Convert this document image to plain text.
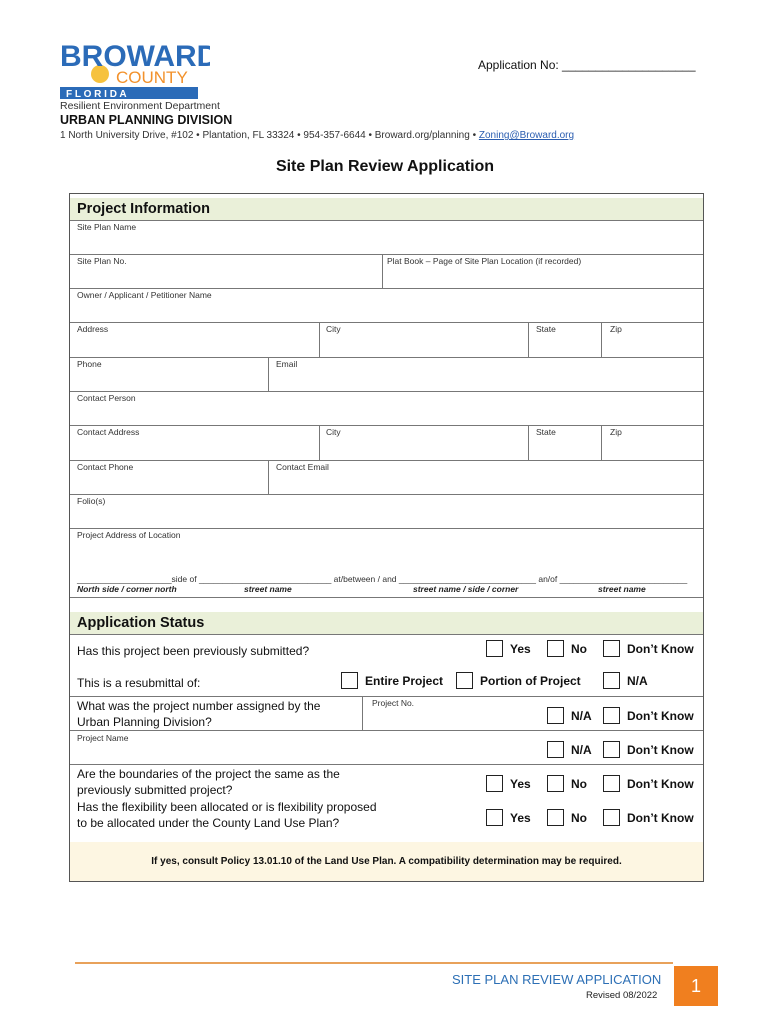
BROWARD
COUNTY
F L O R I D A
Application No: ____________________
Resilient Environment Department
URBAN PLANNING DIVISION
1 North University Drive, #102 • Plantation, FL 33324 • 954-357-6644 • Broward.org/planning • Zoning@Broward.org
Site Plan Review Application
Project Information
Site Plan Name
Site Plan No.	Plat Book – Page of Site Plan Location (if recorded)
Owner / Applicant / Petitioner Name
Address	City	State	Zip
Phone	Email
Contact Person
Contact Address	City	State	Zip
Contact Phone	Contact Email
Folio(s)
Project Address of Location
____________________side of ____________________________ at/between / and _____________________________ an/of ___________________________
North side / corner north	street name	street name / side / corner	street name
Application Status
Has this project been previously submitted?	Yes	No	Don’t Know
This is a resubmittal of:	Entire Project	Portion of Project	N/A
What was the project number assigned by the Urban Planning Division?
Project No.
N/A	Don’t Know
Project Name
N/A	Don’t Know
Are the boundaries of the project the same as the previously submitted project?	Yes	No	Don’t Know
Has the flexibility been allocated or is flexibility proposed to be allocated under the County Land Use Plan?	Yes	No	Don’t Know
If yes, consult Policy 13.01.10 of the Land Use Plan. A compatibility determination may be required.
SITE PLAN REVIEW APPLICATION
Revised 08/2022	1
